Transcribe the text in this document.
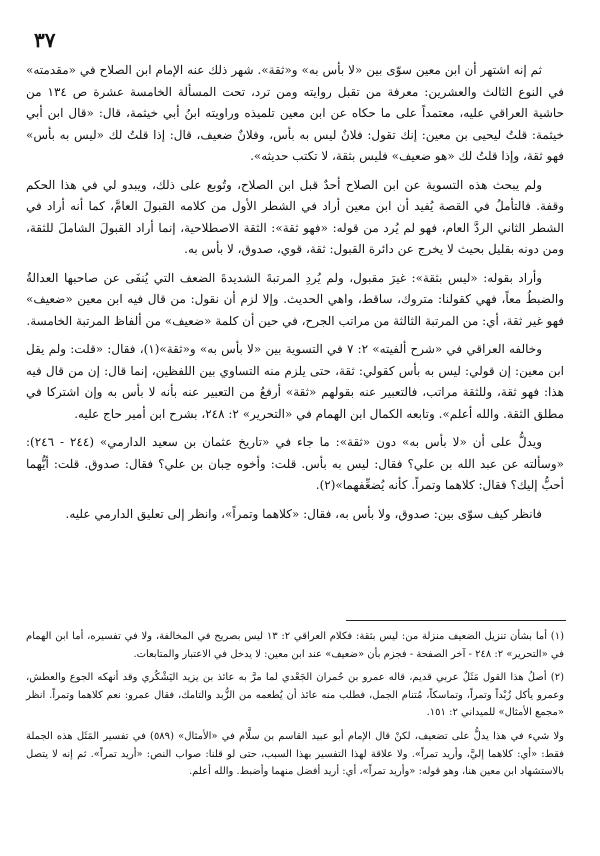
٣٧

ثم إنه اشتهر أن ابن معين سوّى بين «لا بأس به» و«ثقة». شهر ذلك عنه الإمام ابن الصلاح في «مقدمته» في النوع الثالث والعشرين: معرفة من تقبل روايته ومن ترد، تحت المسألة الخامسة عشرة ص ١٣٤ من حاشية العراقي عليه، معتمداً على ما حكاه عن ابن معين تلميذه وراويته ابنُ أبي خيثمة، قال: «قال ابن أبي خيثمة: قلتُ ليحيى بن معين: إنك تقول: فلانٌ ليس به بأس، وفلانٌ ضعيف، قال: إذا قلتُ لك «ليس به بأس» فهو ثقة، وإذا قلتُ لك «هو ضعيف» فليس بثقة، لا تكتب حديثه».

ولم يبحث هذه التسوية عن ابن الصلاح أحدٌ قبل ابن الصلاح، وتُوبع على ذلك، ويبدو لي في هذا الحكم وقفة. فالتأملُ في القصة يُفيد أن ابن معين أراد في الشطر الأول من كلامه القبولَ العامَّ، كما أنه أراد في الشطر الثاني الردَّ العام، فهو لم يُرد من قوله: «فهو ثقة»: الثقة الاصطلاحية، إنما أراد القبولَ الشاملَ للثقة، ومن دونه بقليل بحيث لا يخرج عن دائرة القبول: ثقة، قوي، صدوق، لا بأس به.

وأراد بقوله: «ليس بثقة»: غيرَ مقبول، ولم يُردِ المرتبةَ الشديدةَ الضعف التي يُنفَى عن صاحبها العدالةُ والضبطُ معاً، فهي كقولنا: متروك، ساقط، واهي الحديث. وإلا لزم أن نقول: من قال فيه ابن معين «ضعيف» فهو غير ثقة، أي: من المرتبة الثالثة من مراتب الجرح، في حين أن كلمة «ضعيف» من ألفاظ المرتبة الخامسة.

وخالفه العراقي في «شرح ألفيته» ٢: ٧ في التسوية بين «لا بأس به» و«ثقة»(١)، فقال: «قلت: ولم يقل ابن معين: إن قولي: ليس به بأس كقولي: ثقة، حتى يلزم منه التساوي بين اللفظين، إنما قال: إن من قال فيه هذا: فهو ثقة، وللثقة مراتب، فالتعبير عنه بقولهم «ثقة» أرفعُ من التعبير عنه بأنه لا بأس به وإن اشتركا في مطلق الثقة. والله أعلم». وتابعه الكمال ابن الهمام في «التحرير» ٢: ٢٤٨، بشرح ابن أمير حاج عليه.

ويدلُّ على أن «لا بأس به» دون «ثقة»: ما جاء في «تاريخ عثمان بن سعيد الدارمي» (٢٤٤ - ٢٤٦): «وسألته عن عبد الله بن علي؟ فقال: ليس به بأس. قلت: وأخوه حِبان بن علي؟ فقال: صدوق. قلت: أيُّهما أحبُّ إليك؟ فقال: كلاهما وتمراً. كأنه يُضعِّفهما»(٢).

فانظر كيف سوّى بين: صدوق، ولا بأس به، فقال: «كلاهما وتمراً»، وانظر إلى تعليق الدارمي عليه.

(١) أما بشأن تنزيل الضعيف منزلة من: ليس بثقة: فكلام العراقي ٢: ١٣ ليس بصريح في المخالفة، ولا في تفسيره، أما ابن الهمام في «التحرير» ٢: ٢٤٨ - آخر الصفحة - فجزم بأن «ضعيف» عند ابن معين: لا يدخل في الاعتبار والمتابعات.

(٢) أصلُ هذا القول مَثَلٌ عربي قديم، قاله عمرو بن حُمران الجَعْدي لما مرَّ به عائذ بن يزيد اليَشْكُري وقد أنهكه الجوع والعطش، وعمرو يأكل زُبْداً وتمراً، وتماسكاً، مُتنام الجمل، فطلب منه عائذ أن يُطعمه من الزُّبد والتامك، فقال عمرو: نعم كلاهما وتمراً. انظر «مجمع الأمثال» للميداني ٢: ١٥١.

ولا شيء في هذا يدلُّ على تضعيف، لكنْ قال الإمام أبو عبيد القاسم بن سلَّام في «الأمثال» (٥٨٩) في تفسير المَثَل هذه الجملة فقط: «أي: كلاهما إليَّ، وأريد تمراً». ولا علاقة لهذا التفسير بهذا السبب، حتى لو قلنا: صواب النص: «أريد تمراً». ثم إنه لا يتصل بالاستشهاد ابن معين هنا، وهو قوله: «وأريد تمراً»، أي: أريد أفضل منهما وأضبط. والله أعلم.
